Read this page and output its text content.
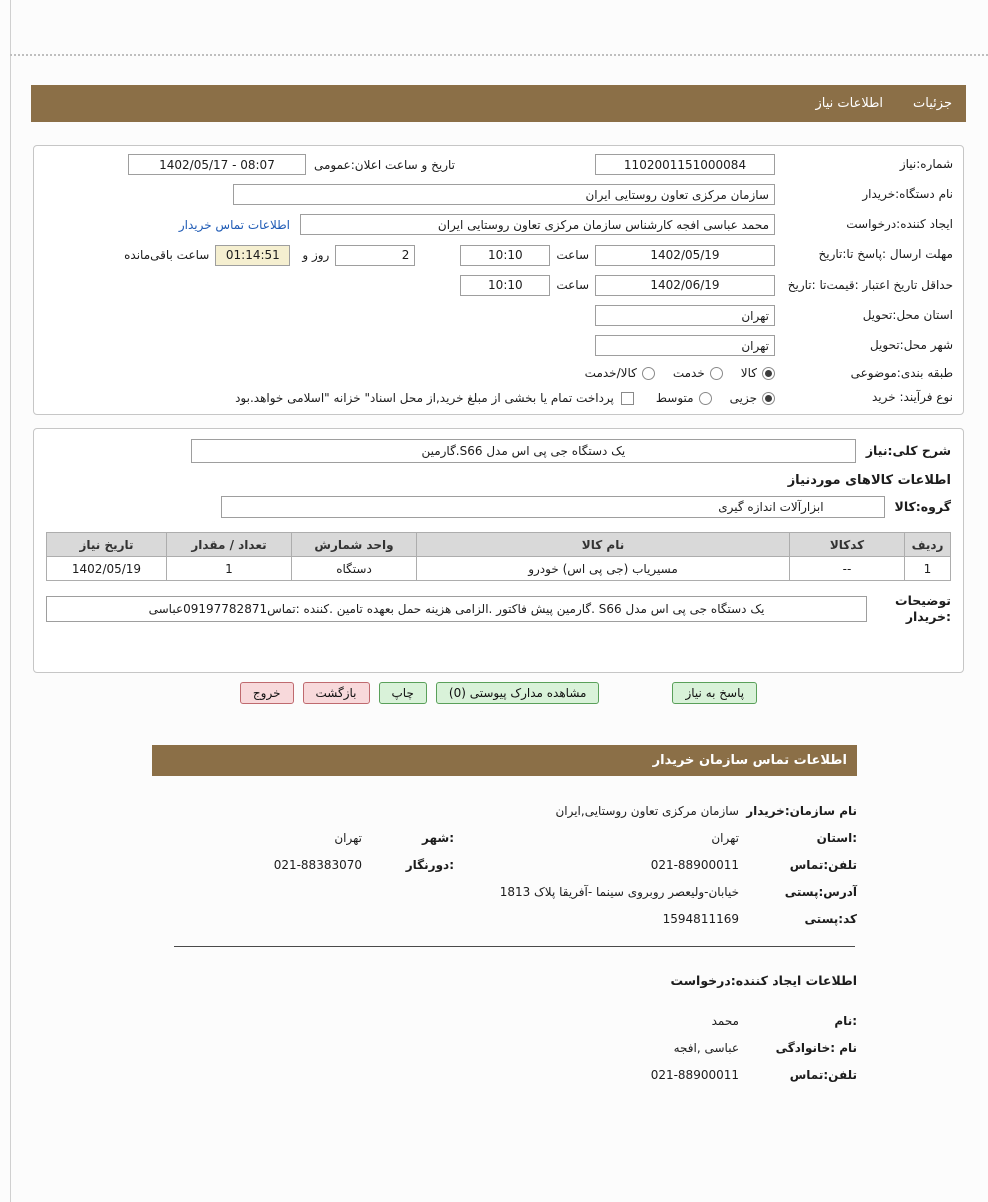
جزئیات
اطلاعات نیاز
شماره:نیاز
1102001151000084
تاریخ و ساعت اعلان:عمومی
1402/05/17 - 08:07
نام دستگاه:خریدار
سازمان مرکزی تعاون روستایی ایران
ایجاد کننده:درخواست
محمد عباسی افجه کارشناس سازمان مرکزی تعاون روستایی ایران
اطلاعات تماس خریدار
مهلت ارسال :پاسخ تا:تاریخ
1402/05/19
ساعت
10:10
2
روز و
01:14:51
ساعت باقی‌مانده
حداقل تاریخ اعتبار :قیمت‌تا :تاریخ
1402/06/19
ساعت
10:10
استان محل:تحویل
تهران
شهر محل:تحویل
تهران
طبقه بندی:موضوعی
کالا
خدمت
کالا/خدمت
نوع فرآیند: خرید
جزیی
متوسط
پرداخت تمام یا بخشی از مبلغ خرید,از محل اسناد" خزانه "اسلامی خواهد.بود
شرح کلی:نیاز
یک دستگاه جی پی اس مدل S66.گارمین
اطلاعات کالاهای موردنیاز
گروه:کالا
ابزارآلات اندازه گیری
ردیف	کدکالا	نام کالا	واحد شمارش	تعداد / مقدار	تاریخ نیاز
1	--	مسیریاب (جی پی اس) خودرو	دستگاه	1	1402/05/19
توضیحات :خریدار
یک دستگاه جی پی اس مدل S66 .گارمین پیش فاکتور .الزامی هزینه حمل بعهده تامین .کننده :تماس09197782871عباسی
پاسخ به نیاز
مشاهده مدارک پیوستی (0)
چاپ
بازگشت
خروج
اطلاعات تماس سازمان خریدار
نام سازمان:خریدار
سازمان مرکزی تعاون روستایی,ایران
:استان
تهران
:شهر
تهران
تلفن:تماس
021-88900011
:دورنگار
021-88383070
آدرس:پستی
خیابان-ولیعصر روبروی سینما -آفریقا پلاک 1813
کد:پستی
1594811169
اطلاعات ایجاد کننده:درخواست
:نام
محمد
نام :خانوادگی
عباسی ,افجه
تلفن:تماس
021-88900011
